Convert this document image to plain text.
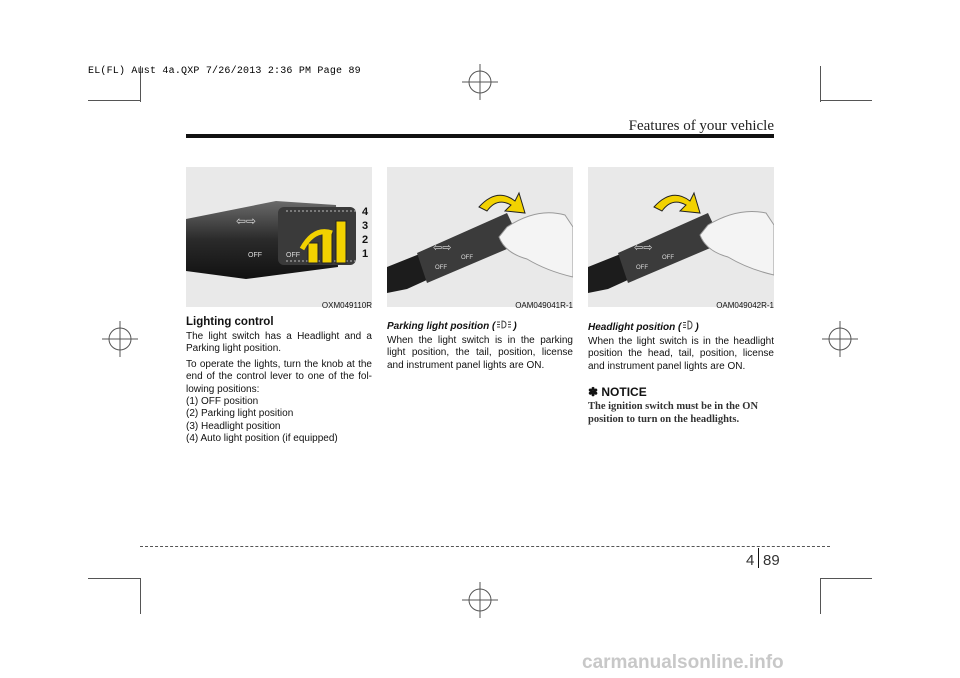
EL(FL) Aust 4a.QXP 7/26/2013 2:36 PM Page 89
Features of your vehicle
⇦⇨
OFF	OFF
4
3
2
1
OXM049110R
⇦⇨
OFF
OFF
OAM049041R-1
⇦⇨
OFF
OFF
OAM049042R-1
Lighting control
The light switch has a Headlight and a Parking light position.
To operate the lights, turn the knob at the end of the control lever to one of the fol-lowing positions:
(1) OFF position
(2) Parking light position
(3) Headlight position
(4) Auto light position (if equipped)
Parking light position ( )
When the light switch is in the parking light position, the tail, position, license and instrument panel lights are ON.
Headlight position ( )
When the light switch is in the headlight position the head, tail, position, license and instrument panel lights are ON.
✽ NOTICE
The ignition switch must be in the ON position to turn on the headlights.
4 89
carmanualsonline.info
